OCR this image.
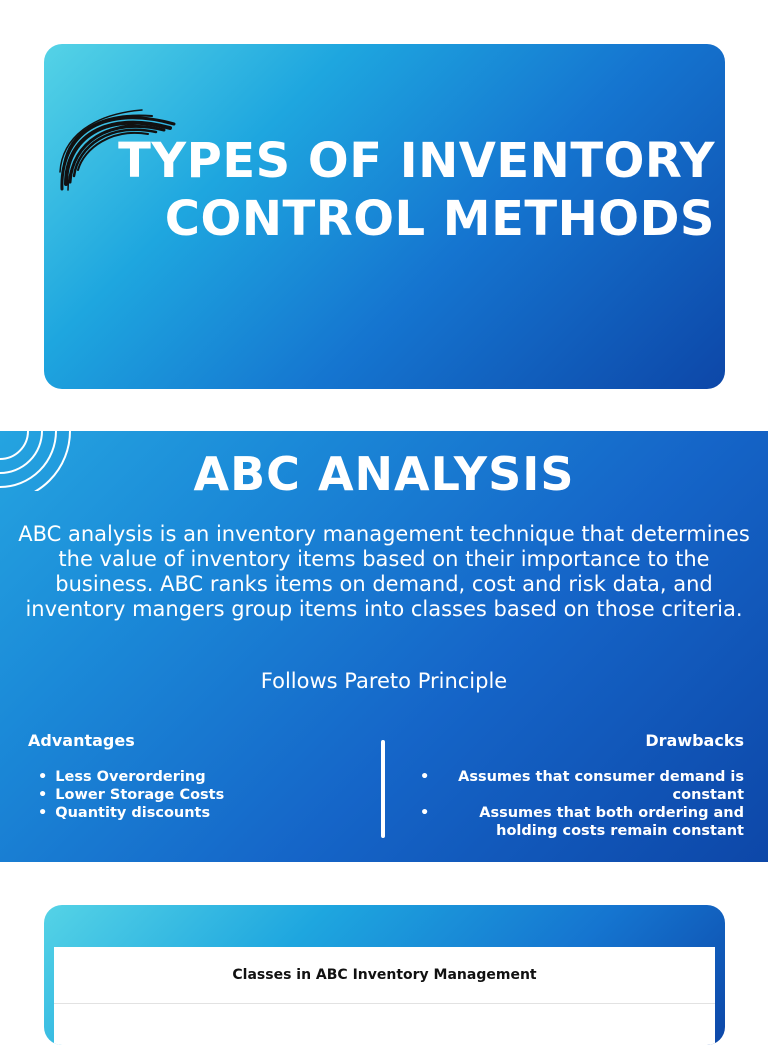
TYPES OF INVENTORY
CONTROL METHODS
ABC ANALYSIS

ABC analysis is an inventory management technique that determines the value of inventory items based on their importance to the business. ABC ranks items on demand, cost and risk data, and inventory mangers group items into classes based on those criteria.

Follows Pareto Principle

Advantages	Drawbacks
• Less Overordering
• Lower Storage Costs
• Quantity discounts
•	Assumes that consumer demand is constant
•	Assumes that both ordering and holding costs remain constant
Classes in ABC Inventory Management
